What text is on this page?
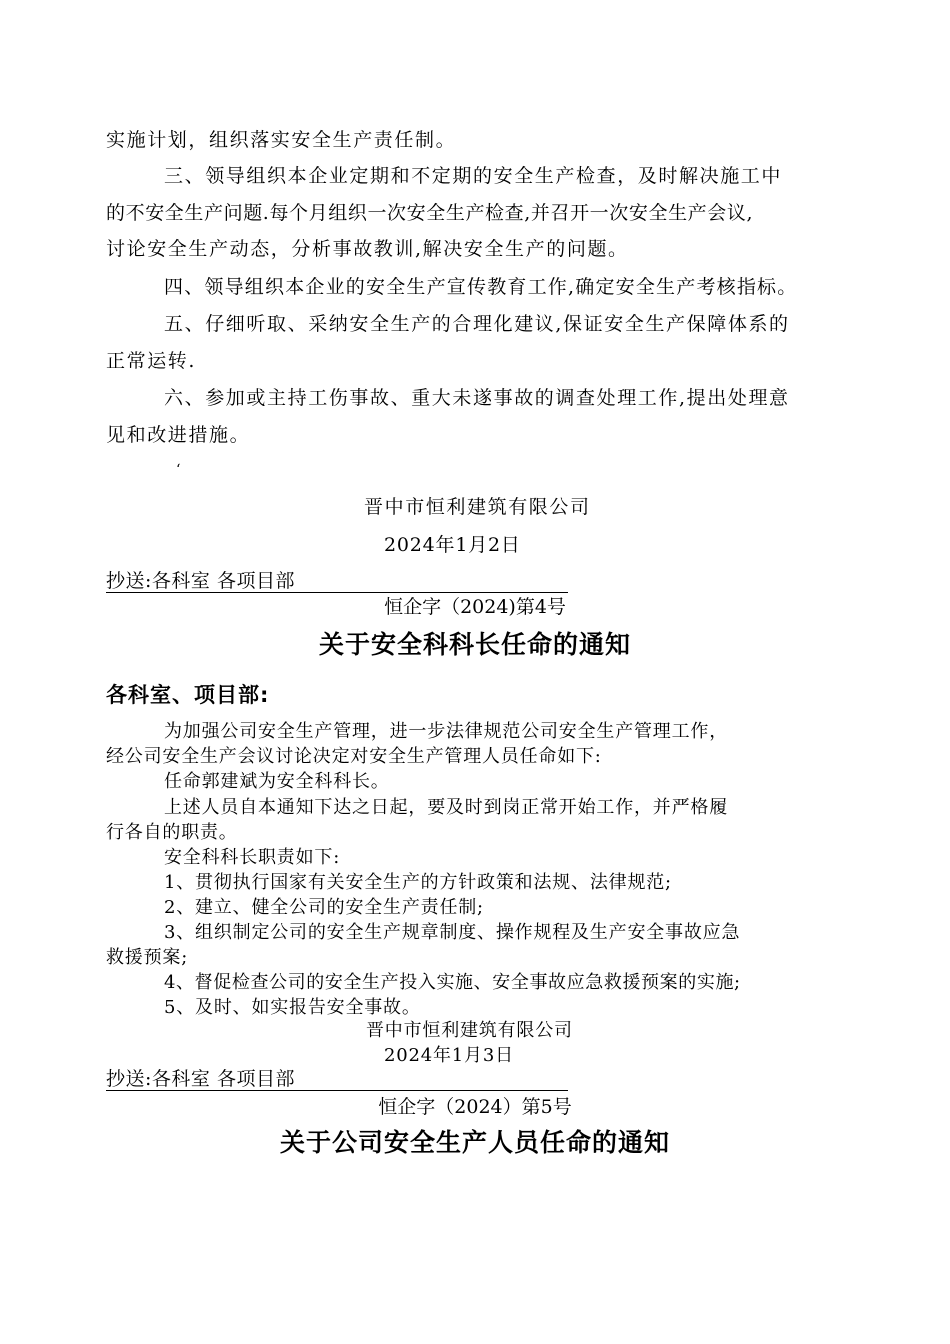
实施计划，组织落实安全生产责任制。
三、领导组织本企业定期和不定期的安全生产检查，及时解决施工中
的不安全生产问题.每个月组织一次安全生产检查,并召开一次安全生产会议,
讨论安全生产动态，分析事故教训,解决安全生产的问题。
四、领导组织本企业的安全生产宣传教育工作,确定安全生产考核指标。
五、仔细听取、采纳安全生产的合理化建议,保证安全生产保障体系的
正常运转.
六、参加或主持工伤事故、重大未遂事故的调查处理工作,提出处理意
见和改进措施。
‘
晋中市恒利建筑有限公司
2024年1月2日
抄送:各科室 各项目部
恒企字（2024)第4号
关于安全科科长任命的通知
各科室、项目部:
为加强公司安全生产管理，进一步法律规范公司安全生产管理工作，
经公司安全生产会议讨论决定对安全生产管理人员任命如下:
任命郭建斌为安全科科长。
上述人员自本通知下达之日起，要及时到岗正常开始工作，并严格履
行各自的职责。
安全科科长职责如下:
1、贯彻执行国家有关安全生产的方针政策和法规、法律规范;
2、建立、健全公司的安全生产责任制;
3、组织制定公司的安全生产规章制度、操作规程及生产安全事故应急
救援预案;
4、督促检查公司的安全生产投入实施、安全事故应急救援预案的实施;
5、及时、如实报告安全事故。
晋中市恒利建筑有限公司
2024年1月3日
抄送:各科室 各项目部
恒企字（2024）第5号
关于公司安全生产人员任命的通知
